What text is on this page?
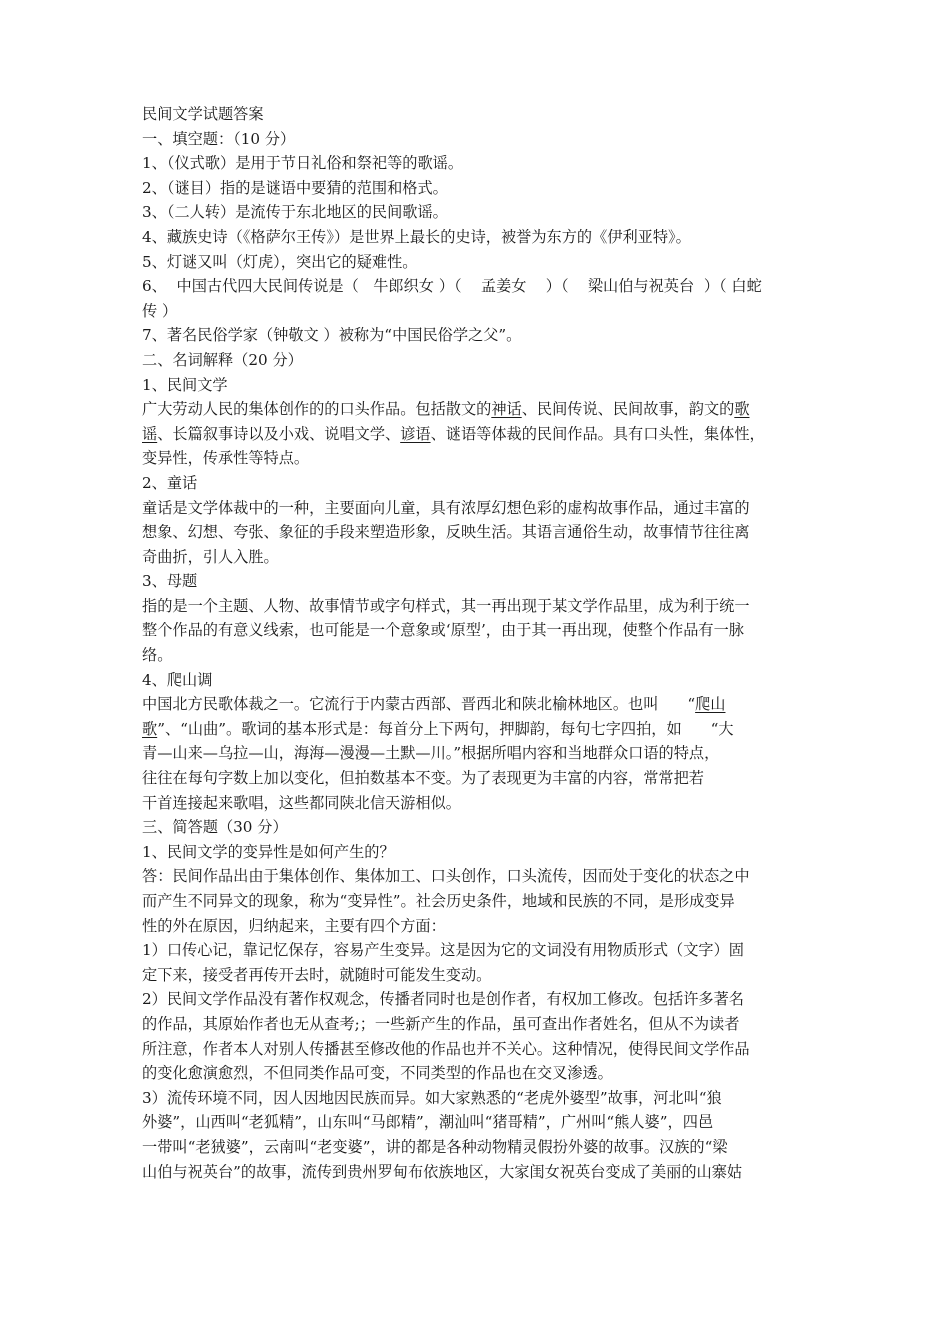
民间文学试题答案
一、填空题：（10 分）
1、（仪式歌）是用于节日礼俗和祭祀等的歌谣。
2、（谜目）指的是谜语中要猜的范围和格式。
3、（二人转）是流传于东北地区的民间歌谣。
4、藏族史诗（《格萨尔王传》）是世界上最长的史诗，被誉为东方的《伊利亚特》。
5、灯谜又叫（灯虎），突出它的疑难性。
6、  中国古代四大民间传说是（   牛郎织女 ）（    孟姜女    ）（    梁山伯与祝英台  ）（ 白蛇
传 ）
7、著名民俗学家（钟敬文 ）被称为“中国民俗学之父”。
二、名词解释（20 分）
1、民间文学
广大劳动人民的集体创作的的口头作品。包括散文的神话、民间传说、民间故事，韵文的歌
谣、长篇叙事诗以及小戏、说唱文学、谚语、谜语等体裁的民间作品。具有口头性，集体性，
变异性，传承性等特点。
2、童话
童话是文学体裁中的一种，主要面向儿童，具有浓厚幻想色彩的虚构故事作品，通过丰富的
想象、幻想、夸张、象征的手段来塑造形象，反映生活。其语言通俗生动，故事情节往往离
奇曲折，引人入胜。
3、母题
指的是一个主题、人物、故事情节或字句样式，其一再出现于某文学作品里，成为利于统一
整个作品的有意义线索，也可能是一个意象或‘原型’，由于其一再出现，使整个作品有一脉
络。
4、爬山调
中国北方民歌体裁之一。它流行于内蒙古西部、晋西北和陕北榆林地区。也叫      “爬山
歌”、“山曲”。歌词的基本形式是：每首分上下两句，押脚韵，每句七字四拍，如      “大
青—山来—乌拉—山，海海—漫漫—土默—川。”根据所唱内容和当地群众口语的特点，
往往在每句字数上加以变化，但拍数基本不变。为了表现更为丰富的内容，常常把若
干首连接起来歌唱，这些都同陕北信天游相似。
三、简答题（30 分）
1、民间文学的变异性是如何产生的？
答：民间作品出由于集体创作、集体加工、口头创作，口头流传，因而处于变化的状态之中
而产生不同异文的现象，称为“变异性”。社会历史条件，地域和民族的不同，是形成变异
性的外在原因，归纳起来，主要有四个方面：
1）口传心记，靠记忆保存，容易产生变异。这是因为它的文词没有用物质形式（文字）固
定下来，接受者再传开去时，就随时可能发生变动。
2）民间文学作品没有著作权观念，传播者同时也是创作者，有权加工修改。包括许多著名
的作品，其原始作者也无从查考;；一些新产生的作品，虽可查出作者姓名，但从不为读者
所注意，作者本人对别人传播甚至修改他的作品也并不关心。这种情况，使得民间文学作品
的变化愈演愈烈，不但同类作品可变，不同类型的作品也在交叉渗透。
3）流传环境不同，因人因地因民族而异。如大家熟悉的“老虎外婆型”故事，河北叫“狼
外婆”，山西叫“老狐精”，山东叫“马郎精”，潮汕叫“猪哥精”，广州叫“熊人婆”，四邑
一带叫“老狨婆”，云南叫“老变婆”，讲的都是各种动物精灵假扮外婆的故事。汉族的“梁
山伯与祝英台”的故事，流传到贵州罗甸布依族地区，大家闺女祝英台变成了美丽的山寨姑
